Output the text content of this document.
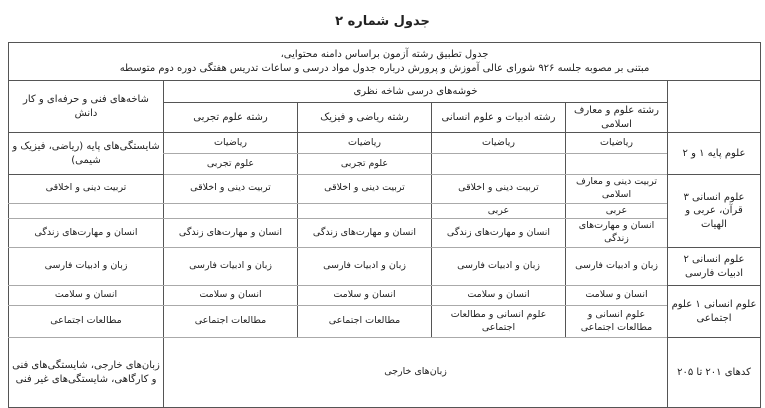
جدول شماره ۲
جدول تطبیق رشته آزمون براساس دامنه محتوایی،
مبتنی بر مصوبه جلسه ۹۲۶ شورای عالی آموزش و پرورش درباره جدول مواد درسی و ساعات تدریس هفتگی دوره دوم متوسطه					

	خوشه‌های درسی شاخه نظری				شاخه‌های فنی و حرفه‌ای و کار دانش
	رشته علوم و معارف اسلامی	رشته ادبیات و علوم انسانی	رشته ریاضی و فیزیک	رشته علوم تجربی	
علوم پایه ۱ و ۲	ریاضیات	ریاضیات	ریاضیات	ریاضیات	شایستگی‌های پایه (ریاضی، فیزیک و شیمی)
			علوم تجربی	علوم تجربی	
علوم انسانی ۳ قرآن، عربی و الهیات	تربیت دینی و معارف اسلامی	تربیت دینی و اخلاقی	تربیت دینی و اخلاقی	تربیت دینی و اخلاقی	تربیت دینی و اخلاقی
	عربی	عربی			
	انسان و مهارت‌های زندگی	انسان و مهارت‌های زندگی	انسان و مهارت‌های زندگی	انسان و مهارت‌های زندگی	انسان و مهارت‌های زندگی
علوم انسانی ۲ ادبیات فارسی	زبان و ادبیات فارسی	زبان و ادبیات فارسی	زبان و ادبیات فارسی	زبان و ادبیات فارسی	زبان و ادبیات فارسی
علوم انسانی ۱ علوم اجتماعی	انسان و سلامت	انسان و سلامت	انسان و سلامت	انسان و سلامت	انسان و سلامت
	علوم انسانی و مطالعات اجتماعی	علوم انسانی و مطالعات اجتماعی	مطالعات اجتماعی	مطالعات اجتماعی	مطالعات اجتماعی
کدهای ۲۰۱ تا ۲۰۵	زبان‌های خارجی				زبان‌های خارجی، شایستگی‌های فنی و کارگاهی، شایستگی‌های غیر فنی
